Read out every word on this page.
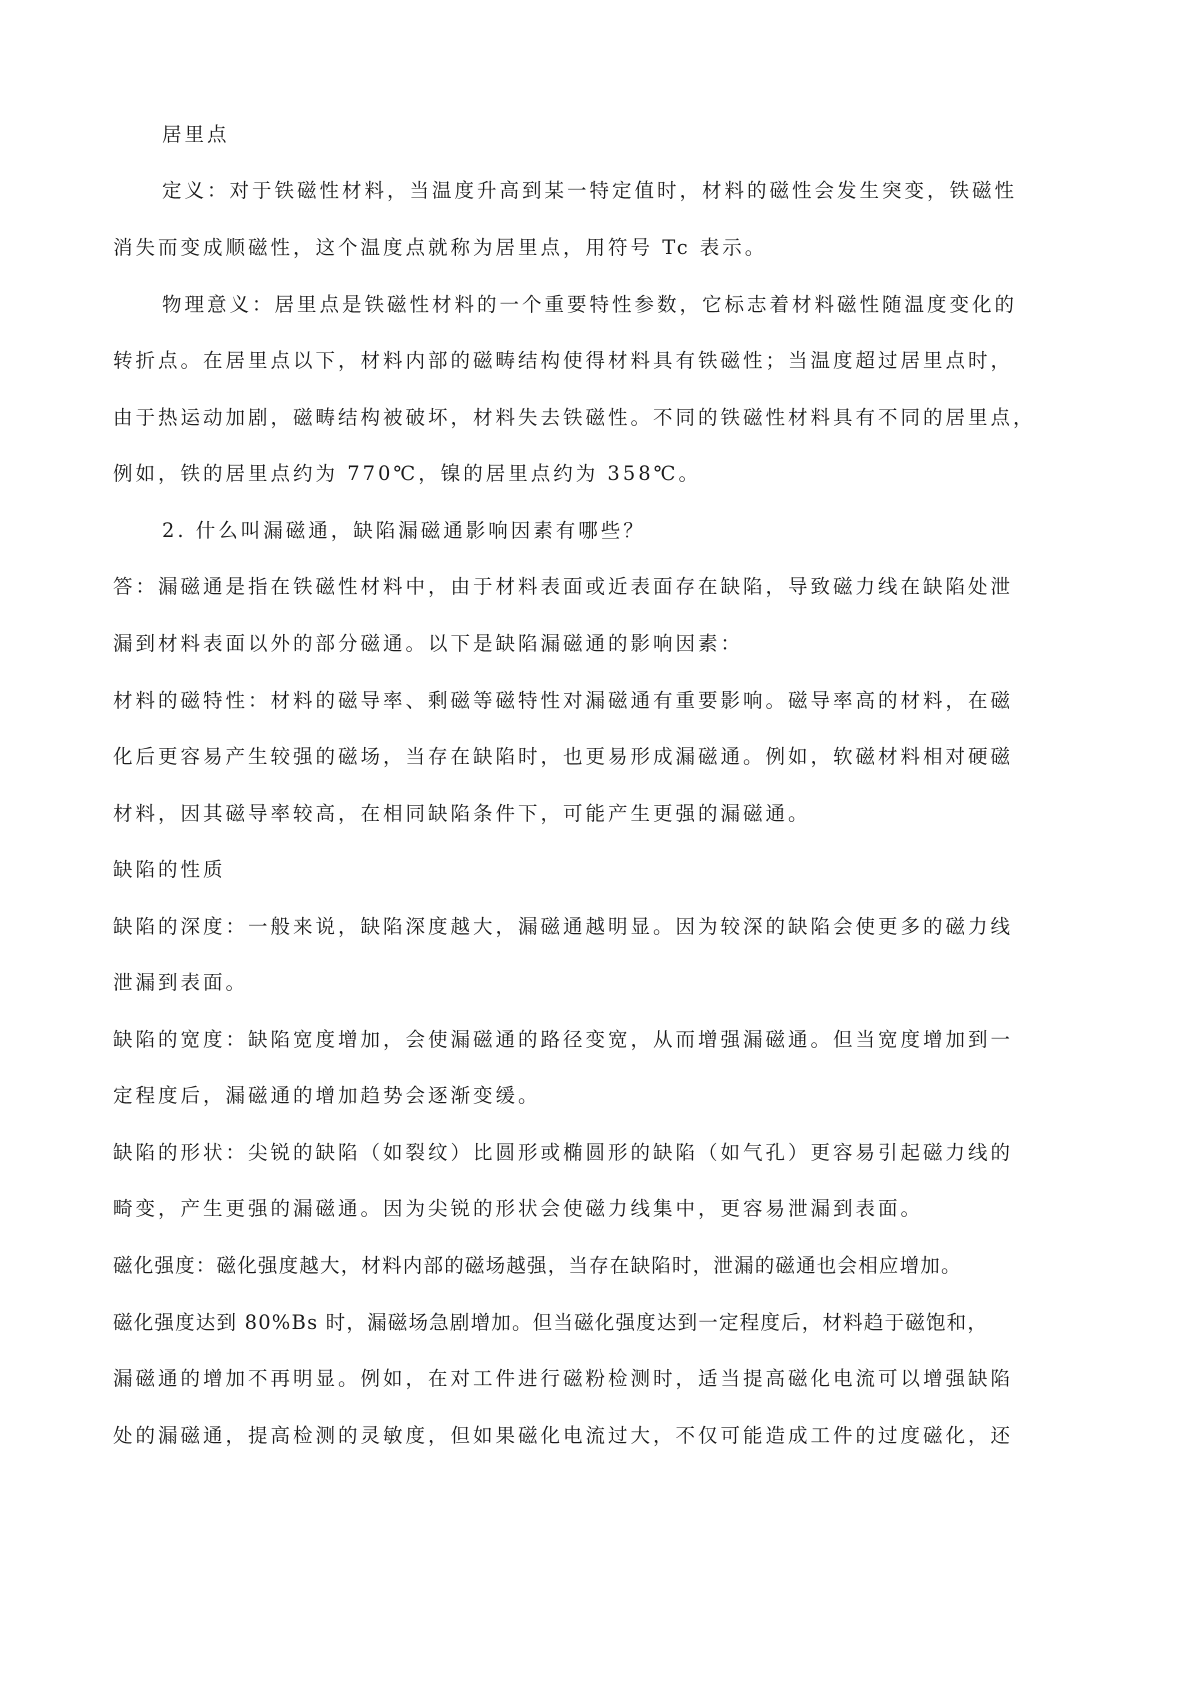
居里点
定义：对于铁磁性材料，当温度升高到某一特定值时，材料的磁性会发生突变，铁磁性
消失而变成顺磁性，这个温度点就称为居里点，用符号 Tc 表示。
物理意义：居里点是铁磁性材料的一个重要特性参数，它标志着材料磁性随温度变化的
转折点。在居里点以下，材料内部的磁畴结构使得材料具有铁磁性；当温度超过居里点时，
由于热运动加剧，磁畴结构被破坏，材料失去铁磁性。不同的铁磁性材料具有不同的居里点，
例如，铁的居里点约为 770℃，镍的居里点约为 358℃。
2. 什么叫漏磁通，缺陷漏磁通影响因素有哪些？
答：漏磁通是指在铁磁性材料中，由于材料表面或近表面存在缺陷，导致磁力线在缺陷处泄
漏到材料表面以外的部分磁通。以下是缺陷漏磁通的影响因素：
材料的磁特性：材料的磁导率、剩磁等磁特性对漏磁通有重要影响。磁导率高的材料，在磁
化后更容易产生较强的磁场，当存在缺陷时，也更易形成漏磁通。例如，软磁材料相对硬磁
材料，因其磁导率较高，在相同缺陷条件下，可能产生更强的漏磁通。
缺陷的性质
缺陷的深度：一般来说，缺陷深度越大，漏磁通越明显。因为较深的缺陷会使更多的磁力线
泄漏到表面。
缺陷的宽度：缺陷宽度增加，会使漏磁通的路径变宽，从而增强漏磁通。但当宽度增加到一
定程度后，漏磁通的增加趋势会逐渐变缓。
缺陷的形状：尖锐的缺陷（如裂纹）比圆形或椭圆形的缺陷（如气孔）更容易引起磁力线的
畸变，产生更强的漏磁通。因为尖锐的形状会使磁力线集中，更容易泄漏到表面。
磁化强度：磁化强度越大，材料内部的磁场越强，当存在缺陷时，泄漏的磁通也会相应增加。
磁化强度达到 80%Bs 时，漏磁场急剧增加。但当磁化强度达到一定程度后，材料趋于磁饱和，
漏磁通的增加不再明显。例如，在对工件进行磁粉检测时，适当提高磁化电流可以增强缺陷
处的漏磁通，提高检测的灵敏度，但如果磁化电流过大，不仅可能造成工件的过度磁化，还
